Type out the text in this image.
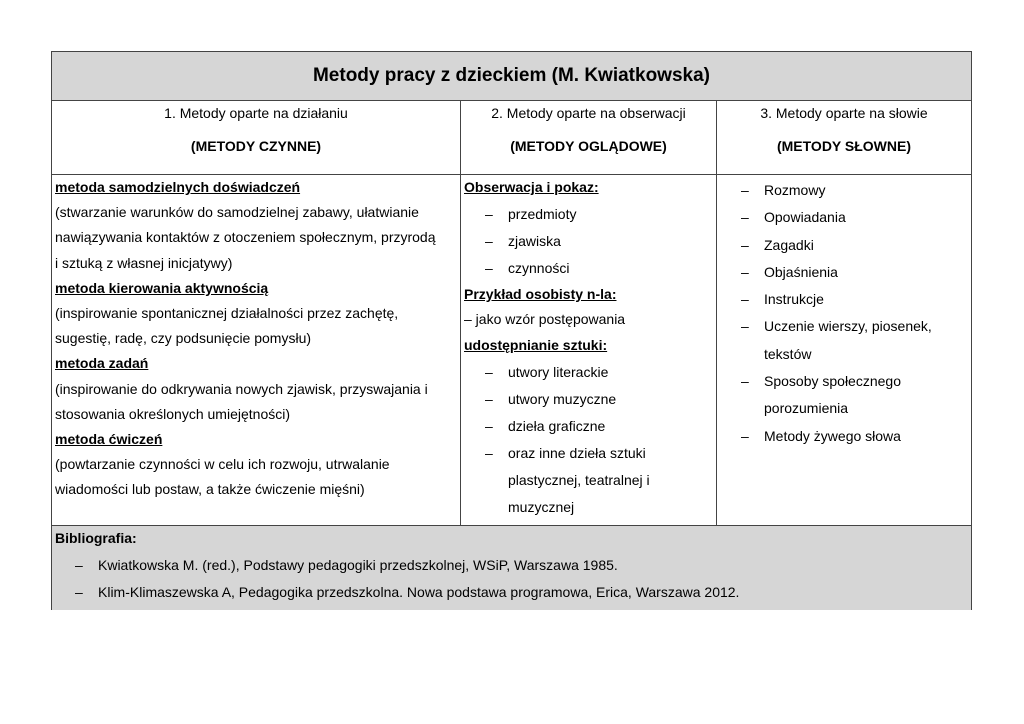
Metody pracy z dzieckiem (M. Kwiatkowska)
1. Metody oparte na działaniu
(METODY CZYNNE)
2. Metody oparte na obserwacji
(METODY OGLĄDOWE)
3. Metody oparte na słowie
(METODY SŁOWNE)
metoda samodzielnych doświadczeń
(stwarzanie warunków do samodzielnej zabawy, ułatwianie
nawiązywania kontaktów z otoczeniem społecznym, przyrodą
i sztuką z własnej inicjatywy)
metoda kierowania aktywnością
(inspirowanie spontanicznej działalności przez zachętę,
sugestię, radę, czy podsunięcie pomysłu)
metoda zadań
(inspirowanie do odkrywania nowych zjawisk, przyswajania i
stosowania określonych umiejętności)
metoda ćwiczeń
(powtarzanie czynności w celu ich rozwoju, utrwalanie
wiadomości lub postaw, a także ćwiczenie mięśni)
Obserwacja i pokaz:
– przedmioty
– zjawiska
– czynności
Przykład osobisty n-la:
– jako wzór postępowania
udostępnianie sztuki:
– utwory literackie
– utwory muzyczne
– dzieła graficzne
– oraz inne dzieła sztuki
plastycznej, teatralnej i
muzycznej
– Rozmowy
– Opowiadania
– Zagadki
– Objaśnienia
– Instrukcje
– Uczenie wierszy, piosenek,
tekstów
– Sposoby społecznego
porozumienia
– Metody żywego słowa
Bibliografia:
– Kwiatkowska M. (red.), Podstawy pedagogiki przedszkolnej, WSiP, Warszawa 1985.
– Klim-Klimaszewska A, Pedagogika przedszkolna. Nowa podstawa programowa, Erica, Warszawa 2012.
